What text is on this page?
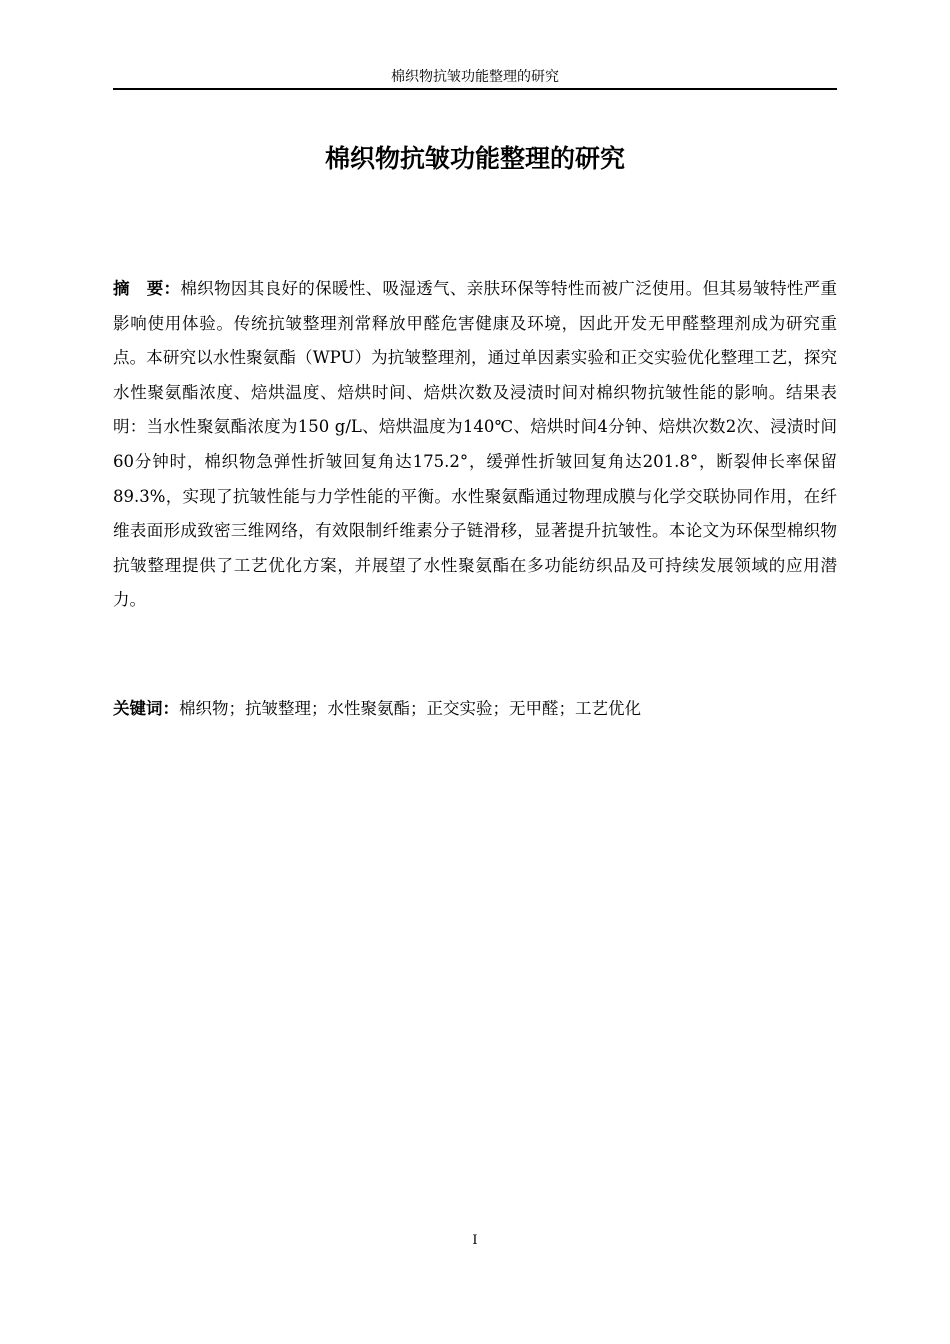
棉织物抗皱功能整理的研究
棉织物抗皱功能整理的研究

摘　要：棉织物因其良好的保暖性、吸湿透气、亲肤环保等特性而被广泛使用。但其易皱特性严重影响使用体验。传统抗皱整理剂常释放甲醛危害健康及环境，因此开发无甲醛整理剂成为研究重点。本研究以水性聚氨酯（WPU）为抗皱整理剂，通过单因素实验和正交实验优化整理工艺，探究水性聚氨酯浓度、焙烘温度、焙烘时间、焙烘次数及浸渍时间对棉织物抗皱性能的影响。结果表明：当水性聚氨酯浓度为150 g/L、焙烘温度为140℃、焙烘时间4分钟、焙烘次数2次、浸渍时间60分钟时，棉织物急弹性折皱回复角达175.2°，缓弹性折皱回复角达201.8°，断裂伸长率保留89.3%，实现了抗皱性能与力学性能的平衡。水性聚氨酯通过物理成膜与化学交联协同作用，在纤维表面形成致密三维网络，有效限制纤维素分子链滑移，显著提升抗皱性。本论文为环保型棉织物抗皱整理提供了工艺优化方案，并展望了水性聚氨酯在多功能纺织品及可持续发展领域的应用潜力。

关键词：棉织物；抗皱整理；水性聚氨酯；正交实验；无甲醛；工艺优化

I
